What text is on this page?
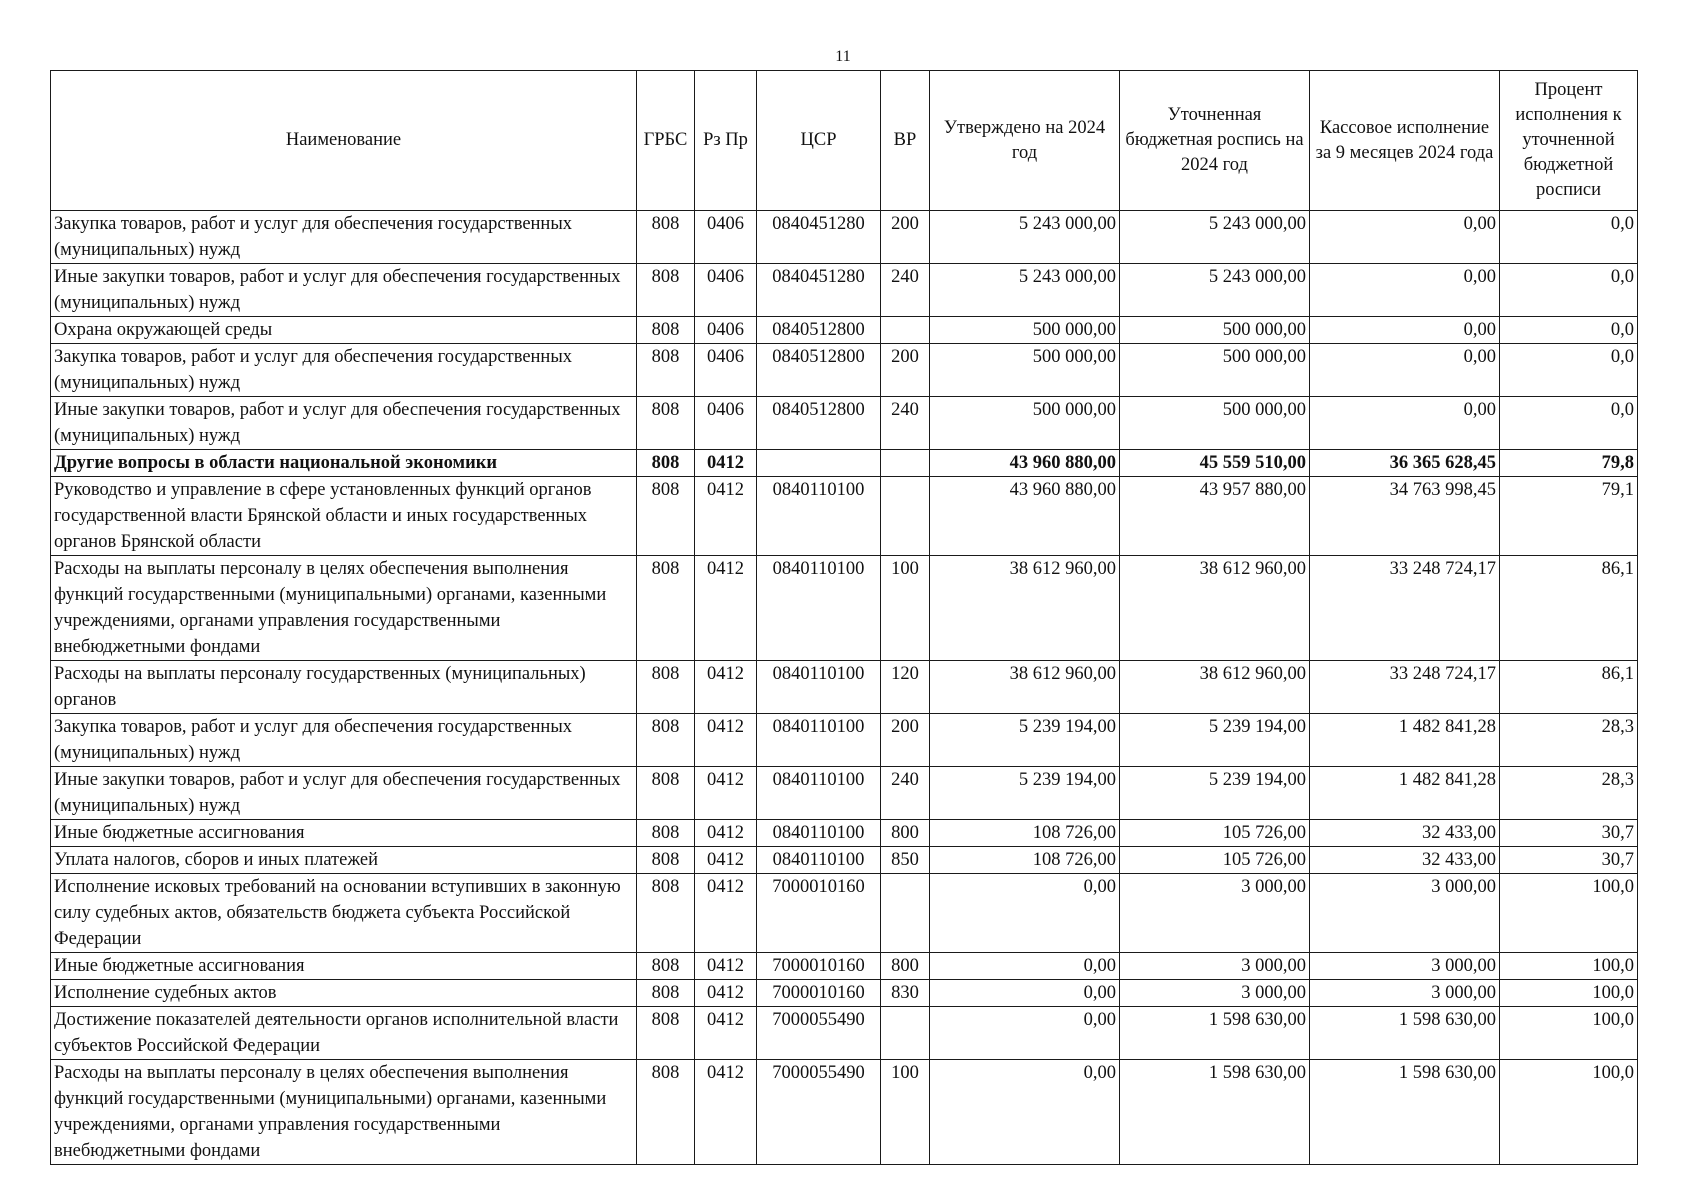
11
Наименование	ГРБС	Рз Пр	ЦСР	ВР	Утверждено на 2024 год	Уточненная бюджетная роспись на 2024 год	Кассовое исполнение за 9 месяцев 2024 года	Процент исполнения к уточненной бюджетной росписи
Закупка товаров, работ и услуг для обеспечения государственных (муниципальных) нужд	808	0406	0840451280	200	5 243 000,00	5 243 000,00	0,00	0,0
Иные закупки товаров, работ и услуг для обеспечения государственных (муниципальных) нужд	808	0406	0840451280	240	5 243 000,00	5 243 000,00	0,00	0,0
Охрана окружающей среды	808	0406	0840512800		500 000,00	500 000,00	0,00	0,0
Закупка товаров, работ и услуг для обеспечения государственных (муниципальных) нужд	808	0406	0840512800	200	500 000,00	500 000,00	0,00	0,0
Иные закупки товаров, работ и услуг для обеспечения государственных (муниципальных) нужд	808	0406	0840512800	240	500 000,00	500 000,00	0,00	0,0
Другие вопросы в области национальной экономики	808	0412			43 960 880,00	45 559 510,00	36 365 628,45	79,8
Руководство и управление в сфере установленных функций органов государственной власти Брянской области и иных государственных органов Брянской области	808	0412	0840110100		43 960 880,00	43 957 880,00	34 763 998,45	79,1
Расходы на выплаты персоналу в целях обеспечения выполнения функций государственными (муниципальными) органами, казенными учреждениями, органами управления государственными внебюджетными фондами	808	0412	0840110100	100	38 612 960,00	38 612 960,00	33 248 724,17	86,1
Расходы на выплаты персоналу государственных (муниципальных) органов	808	0412	0840110100	120	38 612 960,00	38 612 960,00	33 248 724,17	86,1
Закупка товаров, работ и услуг для обеспечения государственных (муниципальных) нужд	808	0412	0840110100	200	5 239 194,00	5 239 194,00	1 482 841,28	28,3
Иные закупки товаров, работ и услуг для обеспечения государственных (муниципальных) нужд	808	0412	0840110100	240	5 239 194,00	5 239 194,00	1 482 841,28	28,3
Иные бюджетные ассигнования	808	0412	0840110100	800	108 726,00	105 726,00	32 433,00	30,7
Уплата налогов, сборов и иных платежей	808	0412	0840110100	850	108 726,00	105 726,00	32 433,00	30,7
Исполнение исковых требований на основании вступивших в законную силу судебных актов, обязательств бюджета субъекта Российской Федерации	808	0412	7000010160		0,00	3 000,00	3 000,00	100,0
Иные бюджетные ассигнования	808	0412	7000010160	800	0,00	3 000,00	3 000,00	100,0
Исполнение судебных актов	808	0412	7000010160	830	0,00	3 000,00	3 000,00	100,0
Достижение показателей деятельности органов исполнительной власти субъектов Российской Федерации	808	0412	7000055490		0,00	1 598 630,00	1 598 630,00	100,0
Расходы на выплаты персоналу в целях обеспечения выполнения функций государственными (муниципальными) органами, казенными учреждениями, органами управления государственными внебюджетными фондами	808	0412	7000055490	100	0,00	1 598 630,00	1 598 630,00	100,0
